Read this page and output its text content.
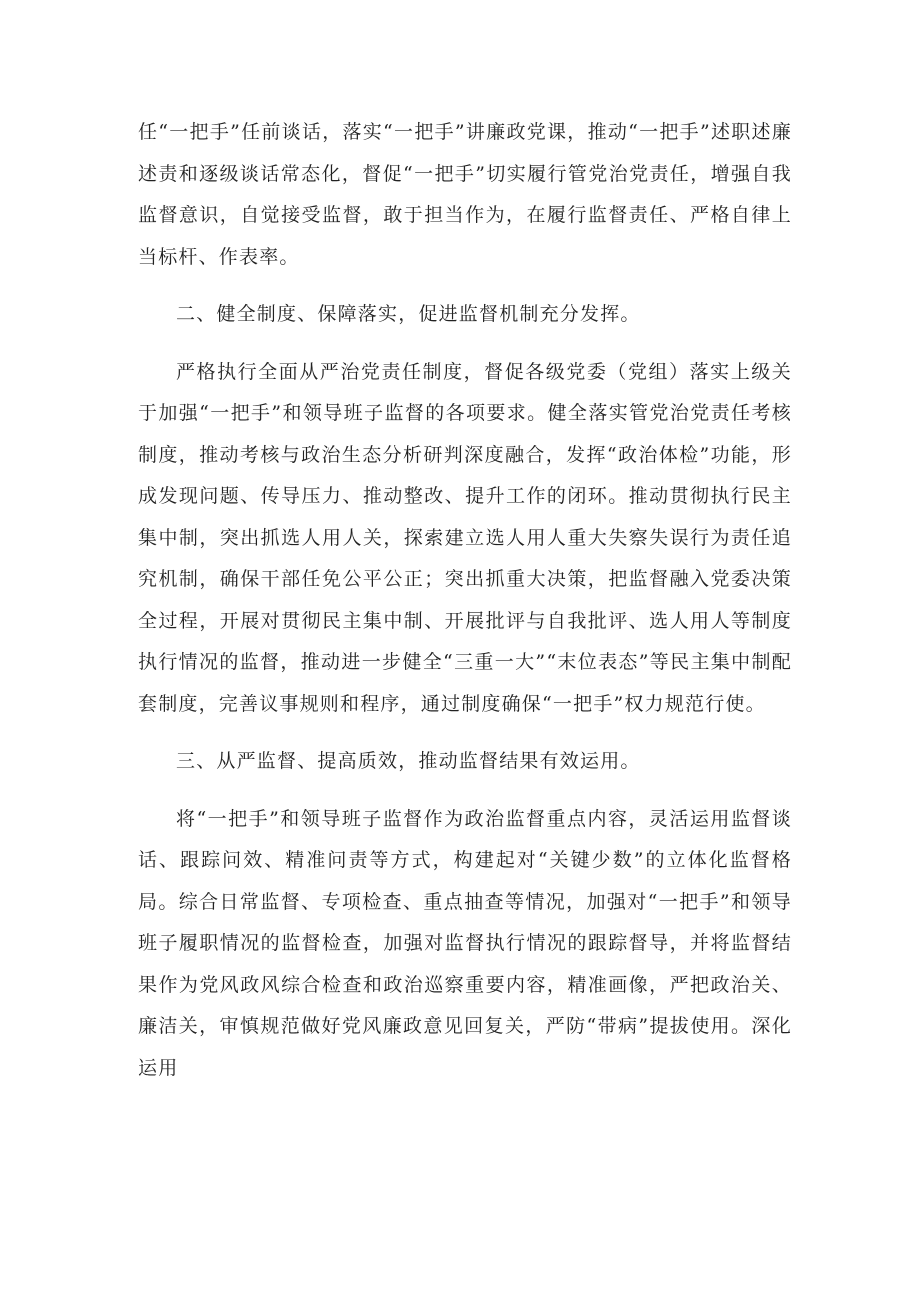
任“一把手”任前谈话，落实“一把手”讲廉政党课，推动“一把手”述职述廉述责和逐级谈话常态化，督促“一把手”切实履行管党治党责任，增强自我监督意识，自觉接受监督，敢于担当作为，在履行监督责任、严格自律上当标杆、作表率。

二、健全制度、保障落实，促进监督机制充分发挥。

严格执行全面从严治党责任制度，督促各级党委（党组）落实上级关于加强“一把手”和领导班子监督的各项要求。健全落实管党治党责任考核制度，推动考核与政治生态分析研判深度融合，发挥“政治体检”功能，形成发现问题、传导压力、推动整改、提升工作的闭环。推动贯彻执行民主集中制，突出抓选人用人关，探索建立选人用人重大失察失误行为责任追究机制，确保干部任免公平公正；突出抓重大决策，把监督融入党委决策全过程，开展对贯彻民主集中制、开展批评与自我批评、选人用人等制度执行情况的监督，推动进一步健全“三重一大”“末位表态”等民主集中制配套制度，完善议事规则和程序，通过制度确保“一把手”权力规范行使。

三、从严监督、提高质效，推动监督结果有效运用。

将“一把手”和领导班子监督作为政治监督重点内容，灵活运用监督谈话、跟踪问效、精准问责等方式，构建起对“关键少数”的立体化监督格局。综合日常监督、专项检查、重点抽查等情况，加强对“一把手”和领导班子履职情况的监督检查，加强对监督执行情况的跟踪督导，并将监督结果作为党风政风综合检查和政治巡察重要内容，精准画像，严把政治关、廉洁关，审慎规范做好党风廉政意见回复关，严防“带病”提拔使用。深化运用
